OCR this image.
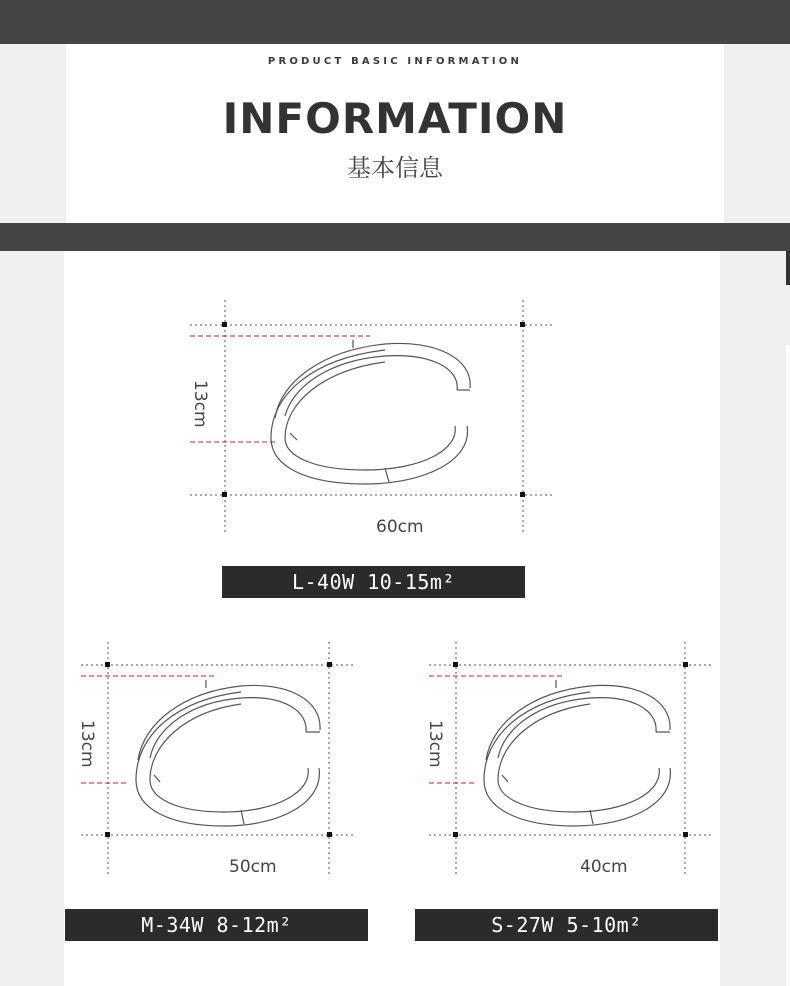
PRODUCT BASIC INFORMATION
INFORMATION
基本信息
13cm
60cm
L-40W 10-15m²
13cm
50cm
M-34W 8-12m²
13cm
40cm
S-27W 5-10m²
